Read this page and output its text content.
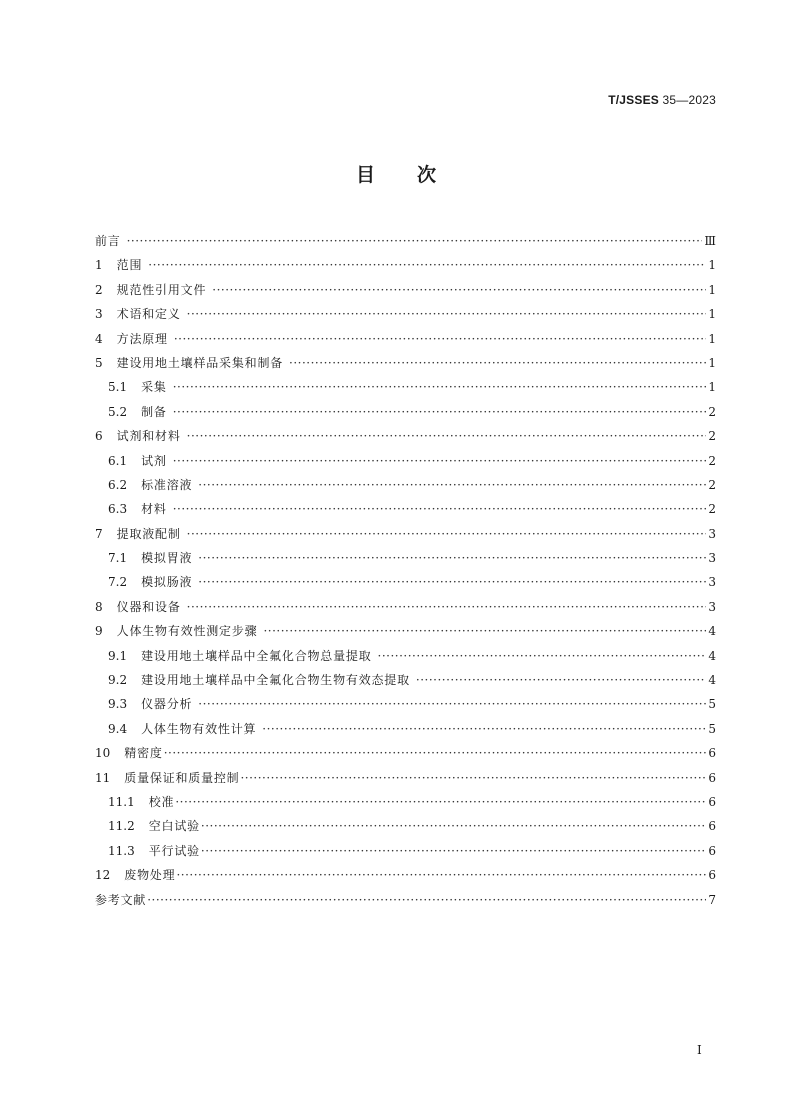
T/JSSES 35—2023
目次
前言 ·····	Ⅲ
1 范围 ·····	1
2 规范性引用文件 ·····	1
3 术语和定义 ·····	1
4 方法原理 ·····	1
5 建设用地土壤样品采集和制备 ·····	1
5.1 采集 ·····	1
5.2 制备 ·····	2
6 试剂和材料 ·····	2
6.1 试剂 ·····	2
6.2 标准溶液 ·····	2
6.3 材料 ·····	2
7 提取液配制 ·····	3
7.1 模拟胃液 ·····	3
7.2 模拟肠液 ·····	3
8 仪器和设备 ·····	3
9 人体生物有效性测定步骤 ·····	4
9.1 建设用地土壤样品中全氟化合物总量提取 ·····	4
9.2 建设用地土壤样品中全氟化合物生物有效态提取 ·····	4
9.3 仪器分析 ·····	5
9.4 人体生物有效性计算 ·····	5
10 精密度 ·····	6
11 质量保证和质量控制 ·····	6
11.1 校准 ·····	6
11.2 空白试验 ·····	6
11.3 平行试验 ·····	6
12 废物处理 ·····	6
参考文献 ·····	7
I
